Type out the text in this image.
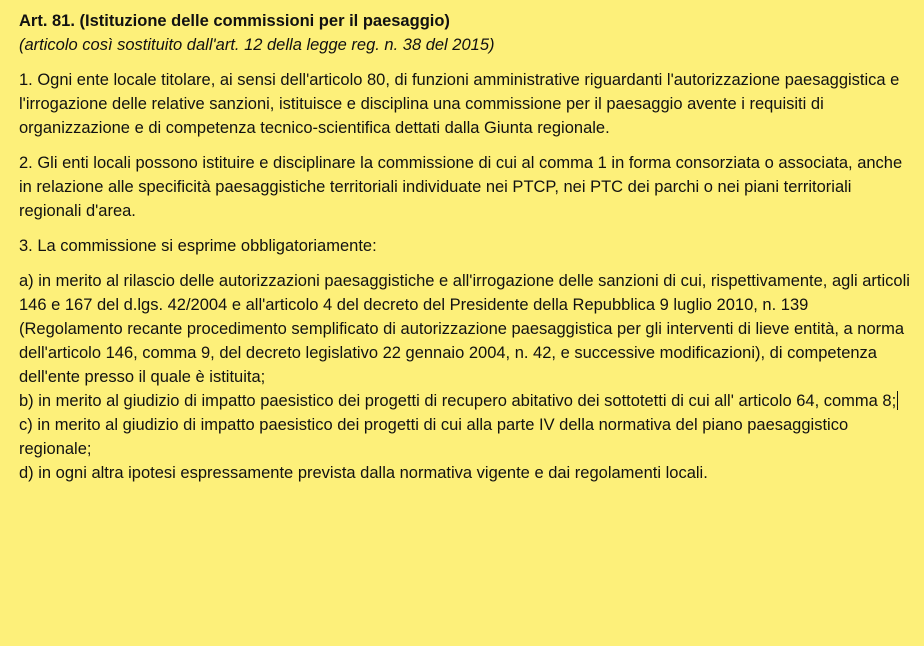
Art. 81. (Istituzione delle commissioni per il paesaggio)

(articolo così sostituito dall'art. 12 della legge reg. n. 38 del 2015)

1. Ogni ente locale titolare, ai sensi dell'articolo 80, di funzioni amministrative riguardanti l'autorizzazione paesaggistica e l'irrogazione delle relative sanzioni, istituisce e disciplina una commissione per il paesaggio avente i requisiti di organizzazione e di competenza tecnico-scientifica dettati dalla Giunta regionale.

2. Gli enti locali possono istituire e disciplinare la commissione di cui al comma 1 in forma consorziata o associata, anche in relazione alle specificità paesaggistiche territoriali individuate nei PTCP, nei PTC dei parchi o nei piani territoriali regionali d'area.

3. La commissione si esprime obbligatoriamente:

a) in merito al rilascio delle autorizzazioni paesaggistiche e all'irrogazione delle sanzioni di cui, rispettivamente, agli articoli 146 e 167 del d.lgs. 42/2004 e all'articolo 4 del decreto del Presidente della Repubblica 9 luglio 2010, n. 139 (Regolamento recante procedimento semplificato di autorizzazione paesaggistica per gli interventi di lieve entità, a norma dell'articolo 146, comma 9, del decreto legislativo 22 gennaio 2004, n. 42, e successive modificazioni), di competenza dell'ente presso il quale è istituita;

b) in merito al giudizio di impatto paesistico dei progetti di recupero abitativo dei sottotetti di cui all' articolo 64, comma 8;

c) in merito al giudizio di impatto paesistico dei progetti di cui alla parte IV della normativa del piano paesaggistico regionale;

d) in ogni altra ipotesi espressamente prevista dalla normativa vigente e dai regolamenti locali.
